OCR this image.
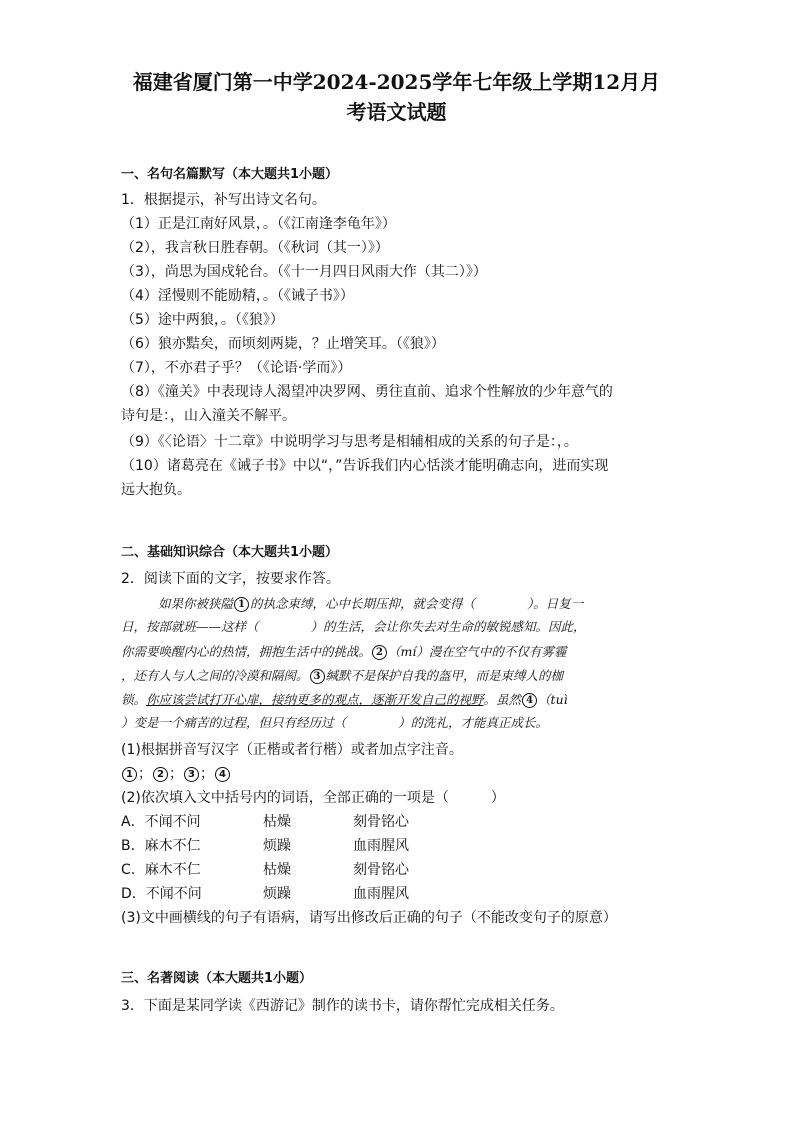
福建省厦门第一中学2024-2025学年七年级上学期12月月
考语文试题
一、名句名篇默写（本大题共1小题）
1．根据提示，补写出诗文名句。
（1）正是江南好风景，。（《江南逢李龟年》）
（2），我言秋日胜春朝。（《秋词（其一）》）
（3），尚思为国戍轮台。（《十一月四日风雨大作（其二）》）
（4）淫慢则不能励精，。（《诫子书》）
（5）途中两狼，。（《狼》）
（6）狼亦黠矣，而顷刻两毙，？止增笑耳。（《狼》）
（7），不亦君子乎？（《论语·学而》）
（8）《潼关》中表现诗人渴望冲决罗网、勇往直前、追求个性解放的少年意气的
诗句是：，山入潼关不解平。
（9）《〈论语〉十二章》中说明学习与思考是相辅相成的关系的句子是：，。
（10）诸葛亮在《诫子书》中以“，”告诉我们内心恬淡才能明确志向，进而实现
远大抱负。
二、基础知识综合（本大题共1小题）
2．阅读下面的文字，按要求作答。
如果你被狭隘 1 的执念束缚，心中长期压抑，就会变得（	）。日复一
日，按部就班——这样（	）的生活，会让你失去对生命的敏锐感知。因此，
你需要唤醒内心的热情，拥抱生活中的挑战。 2 （mí）漫在空气中的不仅有雾霾
，还有人与人之间的冷漠和隔阂。 3 缄默不是保护自我的盔甲，而是束缚人的枷
锁。你应该尝试打开心扉，接纳更多的观点，逐渐开发自己的视野。虽然 4 （tuì
）变是一个痛苦的过程，但只有经历过（	）的洗礼，才能真正成长。
(1)根据拼音写汉字（正楷或者行楷）或者加点字注音。
1 ； 2 ； 3 ； 4
(2)依次填入文中括号内的词语，全部正确的一项是（　　　）
A．不闻不问	枯燥	刻骨铭心
B．麻木不仁	烦躁	血雨腥风
C．麻木不仁	枯燥	刻骨铭心
D．不闻不问	烦躁	血雨腥风
(3)文中画横线的句子有语病，请写出修改后正确的句子（不能改变句子的原意）
三、名著阅读（本大题共1小题）
3．下面是某同学读《西游记》制作的读书卡，请你帮忙完成相关任务。
